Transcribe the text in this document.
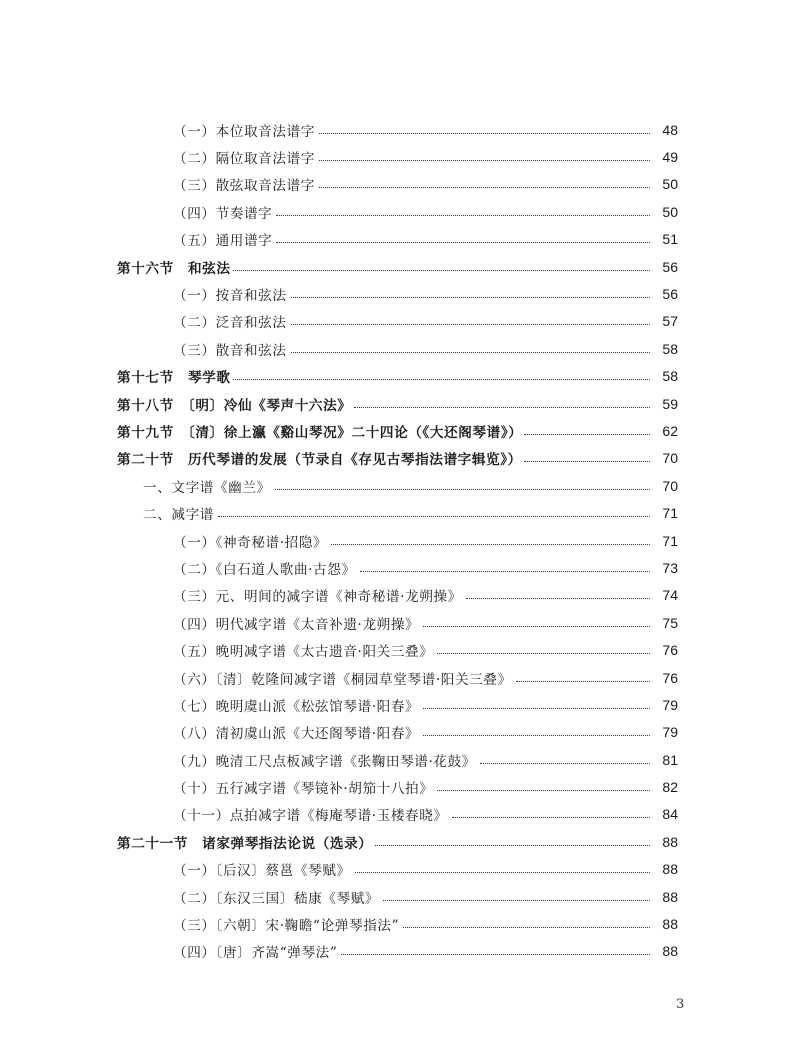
（一）本位取音法谱字	48
（二）隔位取音法谱字	49
（三）散弦取音法谱字	50
（四）节奏谱字	50
（五）通用谱字	51
第十六节　和弦法	56
（一）按音和弦法	56
（二）泛音和弦法	57
（三）散音和弦法	58
第十七节　琴学歌	58
第十八节　〔明〕冷仙《琴声十六法》	59
第十九节　〔清〕徐上瀛《谿山琴况》二十四论（《大还阁琴谱》）	62
第二十节　历代琴谱的发展（节录自《存见古琴指法谱字辑览》）	70
一、文字谱《幽兰》	70
二、减字谱	71
（一）《神奇秘谱·招隐》	71
（二）《白石道人歌曲·古怨》	73
（三）元、明间的减字谱《神奇秘谱·龙朔操》	74
（四）明代减字谱《太音补遗·龙朔操》	75
（五）晚明减字谱《太古遗音·阳关三叠》	76
（六）〔清〕乾隆间减字谱《桐园草堂琴谱·阳关三叠》	76
（七）晚明虞山派《松弦馆琴谱·阳春》	79
（八）清初虞山派《大还阁琴谱·阳春》	79
（九）晚清工尺点板减字谱《张鞠田琴谱·花鼓》	81
（十）五行减字谱《琴镜补·胡笳十八拍》	82
（十一）点拍减字谱《梅庵琴谱·玉楼春晓》	84
第二十一节　诸家弹琴指法论说（选录）	88
（一）〔后汉〕蔡邕《琴赋》	88
（二）〔东汉三国〕嵇康《琴赋》	88
（三）〔六朝〕宋·鞠瞻“论弹琴指法”	88
（四）〔唐〕齐嵩“弹琴法”	88
3
